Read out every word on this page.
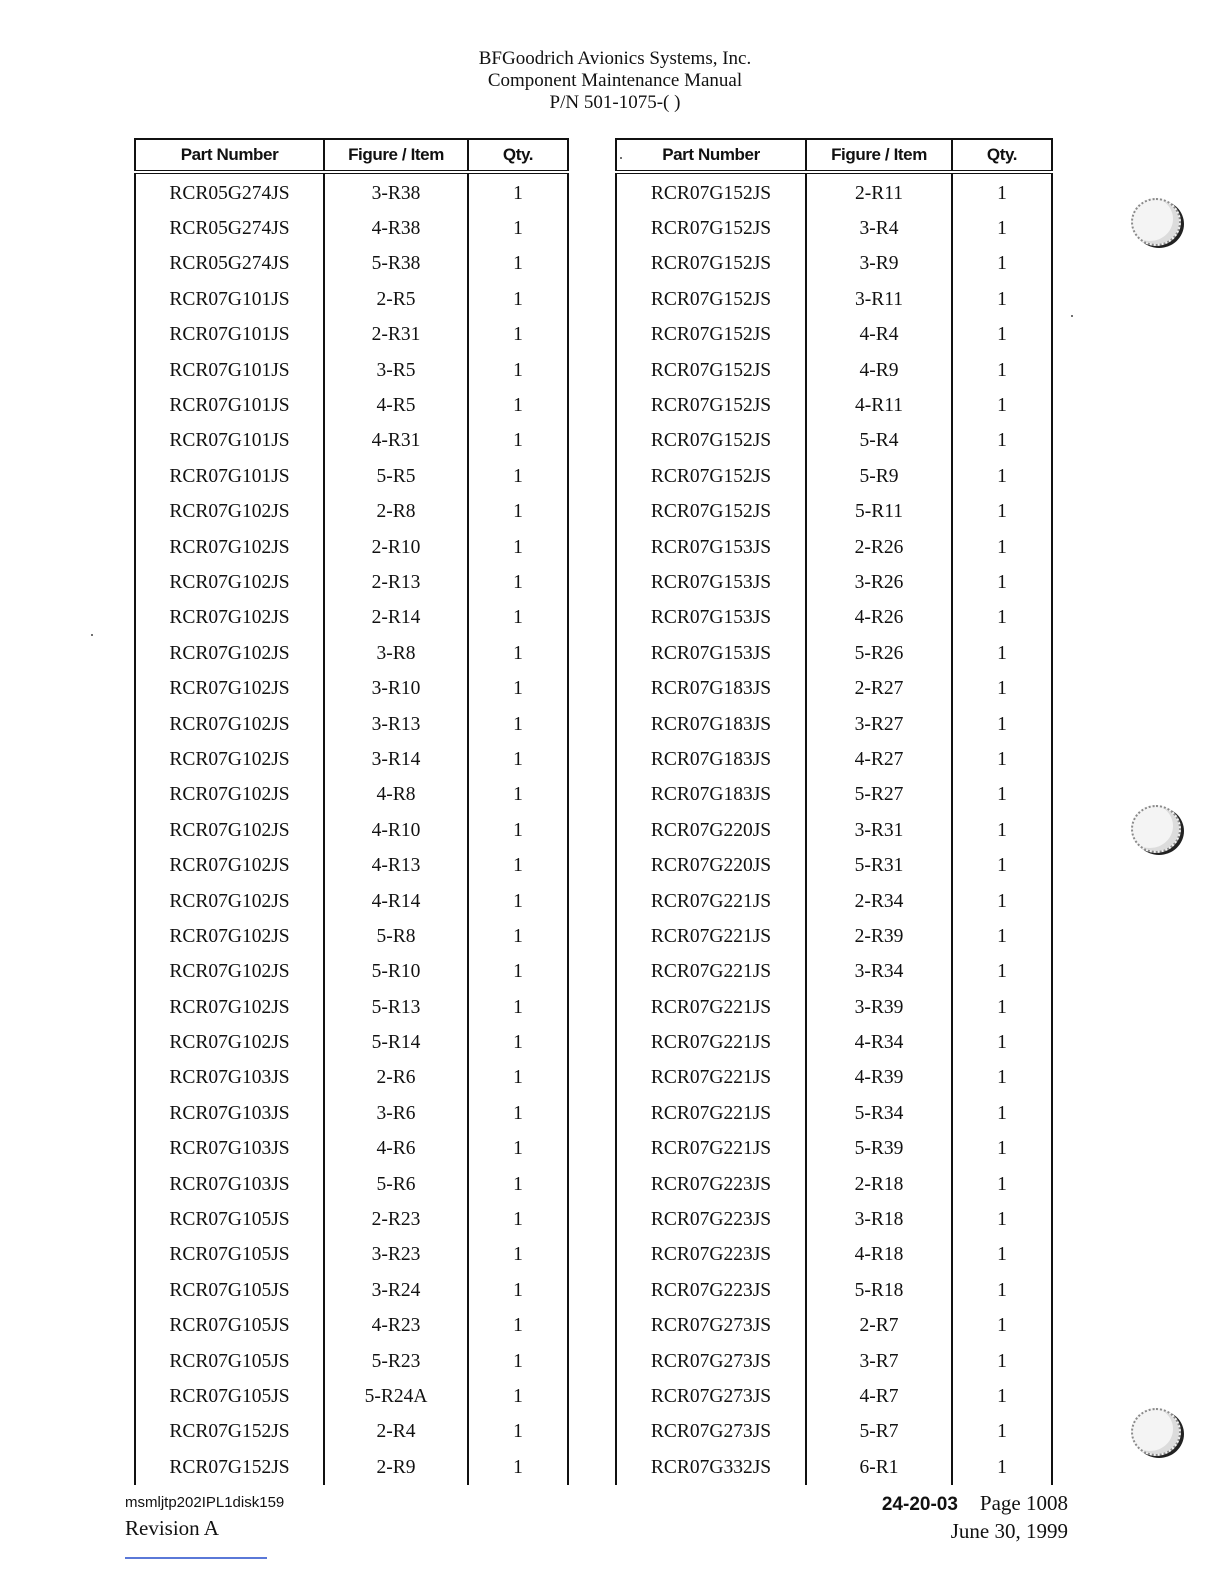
BFGoodrich Avionics Systems, Inc.
Component Maintenance Manual
P/N 501-1075-( )
Part Number	Figure / Item	Qty.
RCR05G274JS	3-R38	1
RCR05G274JS	4-R38	1
RCR05G274JS	5-R38	1
RCR07G101JS	2-R5	1
RCR07G101JS	2-R31	1
RCR07G101JS	3-R5	1
RCR07G101JS	4-R5	1
RCR07G101JS	4-R31	1
RCR07G101JS	5-R5	1
RCR07G102JS	2-R8	1
RCR07G102JS	2-R10	1
RCR07G102JS	2-R13	1
RCR07G102JS	2-R14	1
RCR07G102JS	3-R8	1
RCR07G102JS	3-R10	1
RCR07G102JS	3-R13	1
RCR07G102JS	3-R14	1
RCR07G102JS	4-R8	1
RCR07G102JS	4-R10	1
RCR07G102JS	4-R13	1
RCR07G102JS	4-R14	1
RCR07G102JS	5-R8	1
RCR07G102JS	5-R10	1
RCR07G102JS	5-R13	1
RCR07G102JS	5-R14	1
RCR07G103JS	2-R6	1
RCR07G103JS	3-R6	1
RCR07G103JS	4-R6	1
RCR07G103JS	5-R6	1
RCR07G105JS	2-R23	1
RCR07G105JS	3-R23	1
RCR07G105JS	3-R24	1
RCR07G105JS	4-R23	1
RCR07G105JS	5-R23	1
RCR07G105JS	5-R24A	1
RCR07G152JS	2-R4	1
RCR07G152JS	2-R9	1
Part Number	Figure / Item	Qty.
RCR07G152JS	2-R11	1
RCR07G152JS	3-R4	1
RCR07G152JS	3-R9	1
RCR07G152JS	3-R11	1
RCR07G152JS	4-R4	1
RCR07G152JS	4-R9	1
RCR07G152JS	4-R11	1
RCR07G152JS	5-R4	1
RCR07G152JS	5-R9	1
RCR07G152JS	5-R11	1
RCR07G153JS	2-R26	1
RCR07G153JS	3-R26	1
RCR07G153JS	4-R26	1
RCR07G153JS	5-R26	1
RCR07G183JS	2-R27	1
RCR07G183JS	3-R27	1
RCR07G183JS	4-R27	1
RCR07G183JS	5-R27	1
RCR07G220JS	3-R31	1
RCR07G220JS	5-R31	1
RCR07G221JS	2-R34	1
RCR07G221JS	2-R39	1
RCR07G221JS	3-R34	1
RCR07G221JS	3-R39	1
RCR07G221JS	4-R34	1
RCR07G221JS	4-R39	1
RCR07G221JS	5-R34	1
RCR07G221JS	5-R39	1
RCR07G223JS	2-R18	1
RCR07G223JS	3-R18	1
RCR07G223JS	4-R18	1
RCR07G223JS	5-R18	1
RCR07G273JS	2-R7	1
RCR07G273JS	3-R7	1
RCR07G273JS	4-R7	1
RCR07G273JS	5-R7	1
RCR07G332JS	6-R1	1
msmljtp202IPL1disk159
Revision A
24-20-03 Page 1008
June 30, 1999
